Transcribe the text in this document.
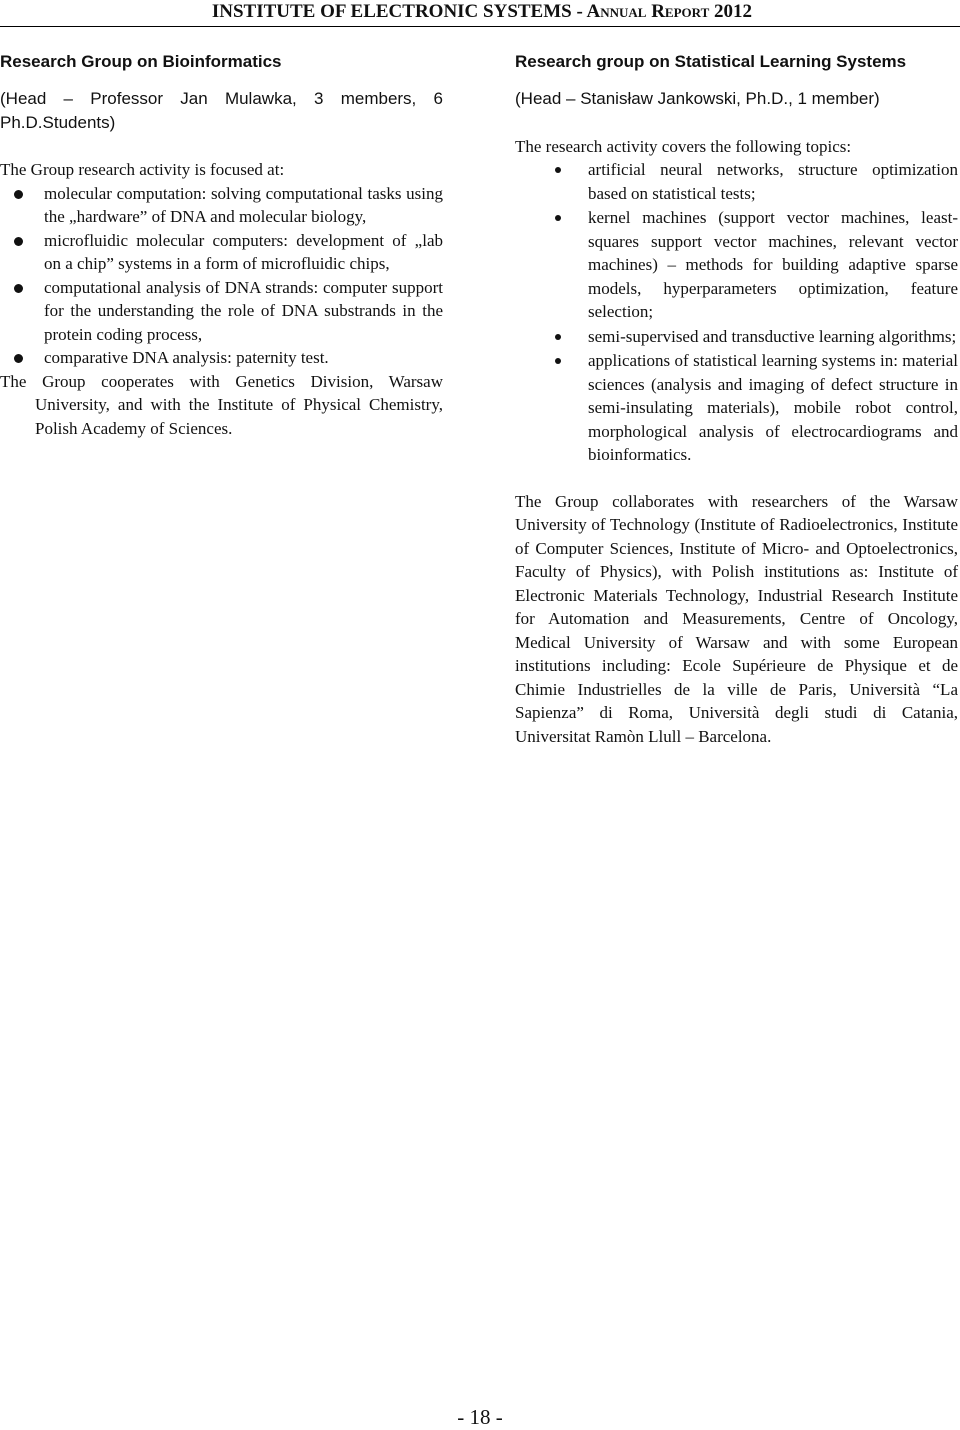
INSTITUTE OF ELECTRONIC SYSTEMS - Annual Report 2012
Research Group on Bioinformatics

(Head – Professor Jan Mulawka, 3 members, 6 Ph.D.Students)

The Group research activity is focused at:

molecular computation: solving computational tasks using the „hardware” of DNA and molecular biology,
microfluidic molecular computers: development of „lab on a chip” systems in a form of microfluidic chips,
computational analysis of DNA strands: computer support for the understanding the role of DNA substrands in the protein coding process,
comparative DNA analysis: paternity test.

The Group cooperates with Genetics Division, Warsaw University, and with the Institute of Physical Chemistry, Polish Academy of Sciences.

Research group on Statistical Learning Systems

(Head – Stanisław Jankowski, Ph.D., 1 member)

The research activity covers the following topics:

artificial neural networks, structure optimization based on statistical tests;
kernel machines (support vector machines, least-squares support vector machines, relevant vector machines) – methods for building adaptive sparse models, hyperparameters optimization, feature selection;
semi-supervised and transductive learning algorithms;
applications of statistical learning systems in: material sciences (analysis and imaging of defect structure in semi-insulating materials), mobile robot control, morphological analysis of electrocardiograms and bioinformatics.

The Group collaborates with researchers of the Warsaw University of Technology (Institute of Radioelectronics, Institute of Computer Sciences, Institute of Micro- and Optoelectronics, Faculty of Physics), with Polish institutions as: Institute of Electronic Materials Technology, Industrial Research Institute for Automation and Measurements, Centre of Oncology, Medical University of Warsaw and with some European institutions including: Ecole Supérieure de Physique et de Chimie Industrielles de la ville de Paris, Università “La Sapienza” di Roma, Università degli studi di Catania, Universitat Ramòn Llull – Barcelona.

- 18 -
